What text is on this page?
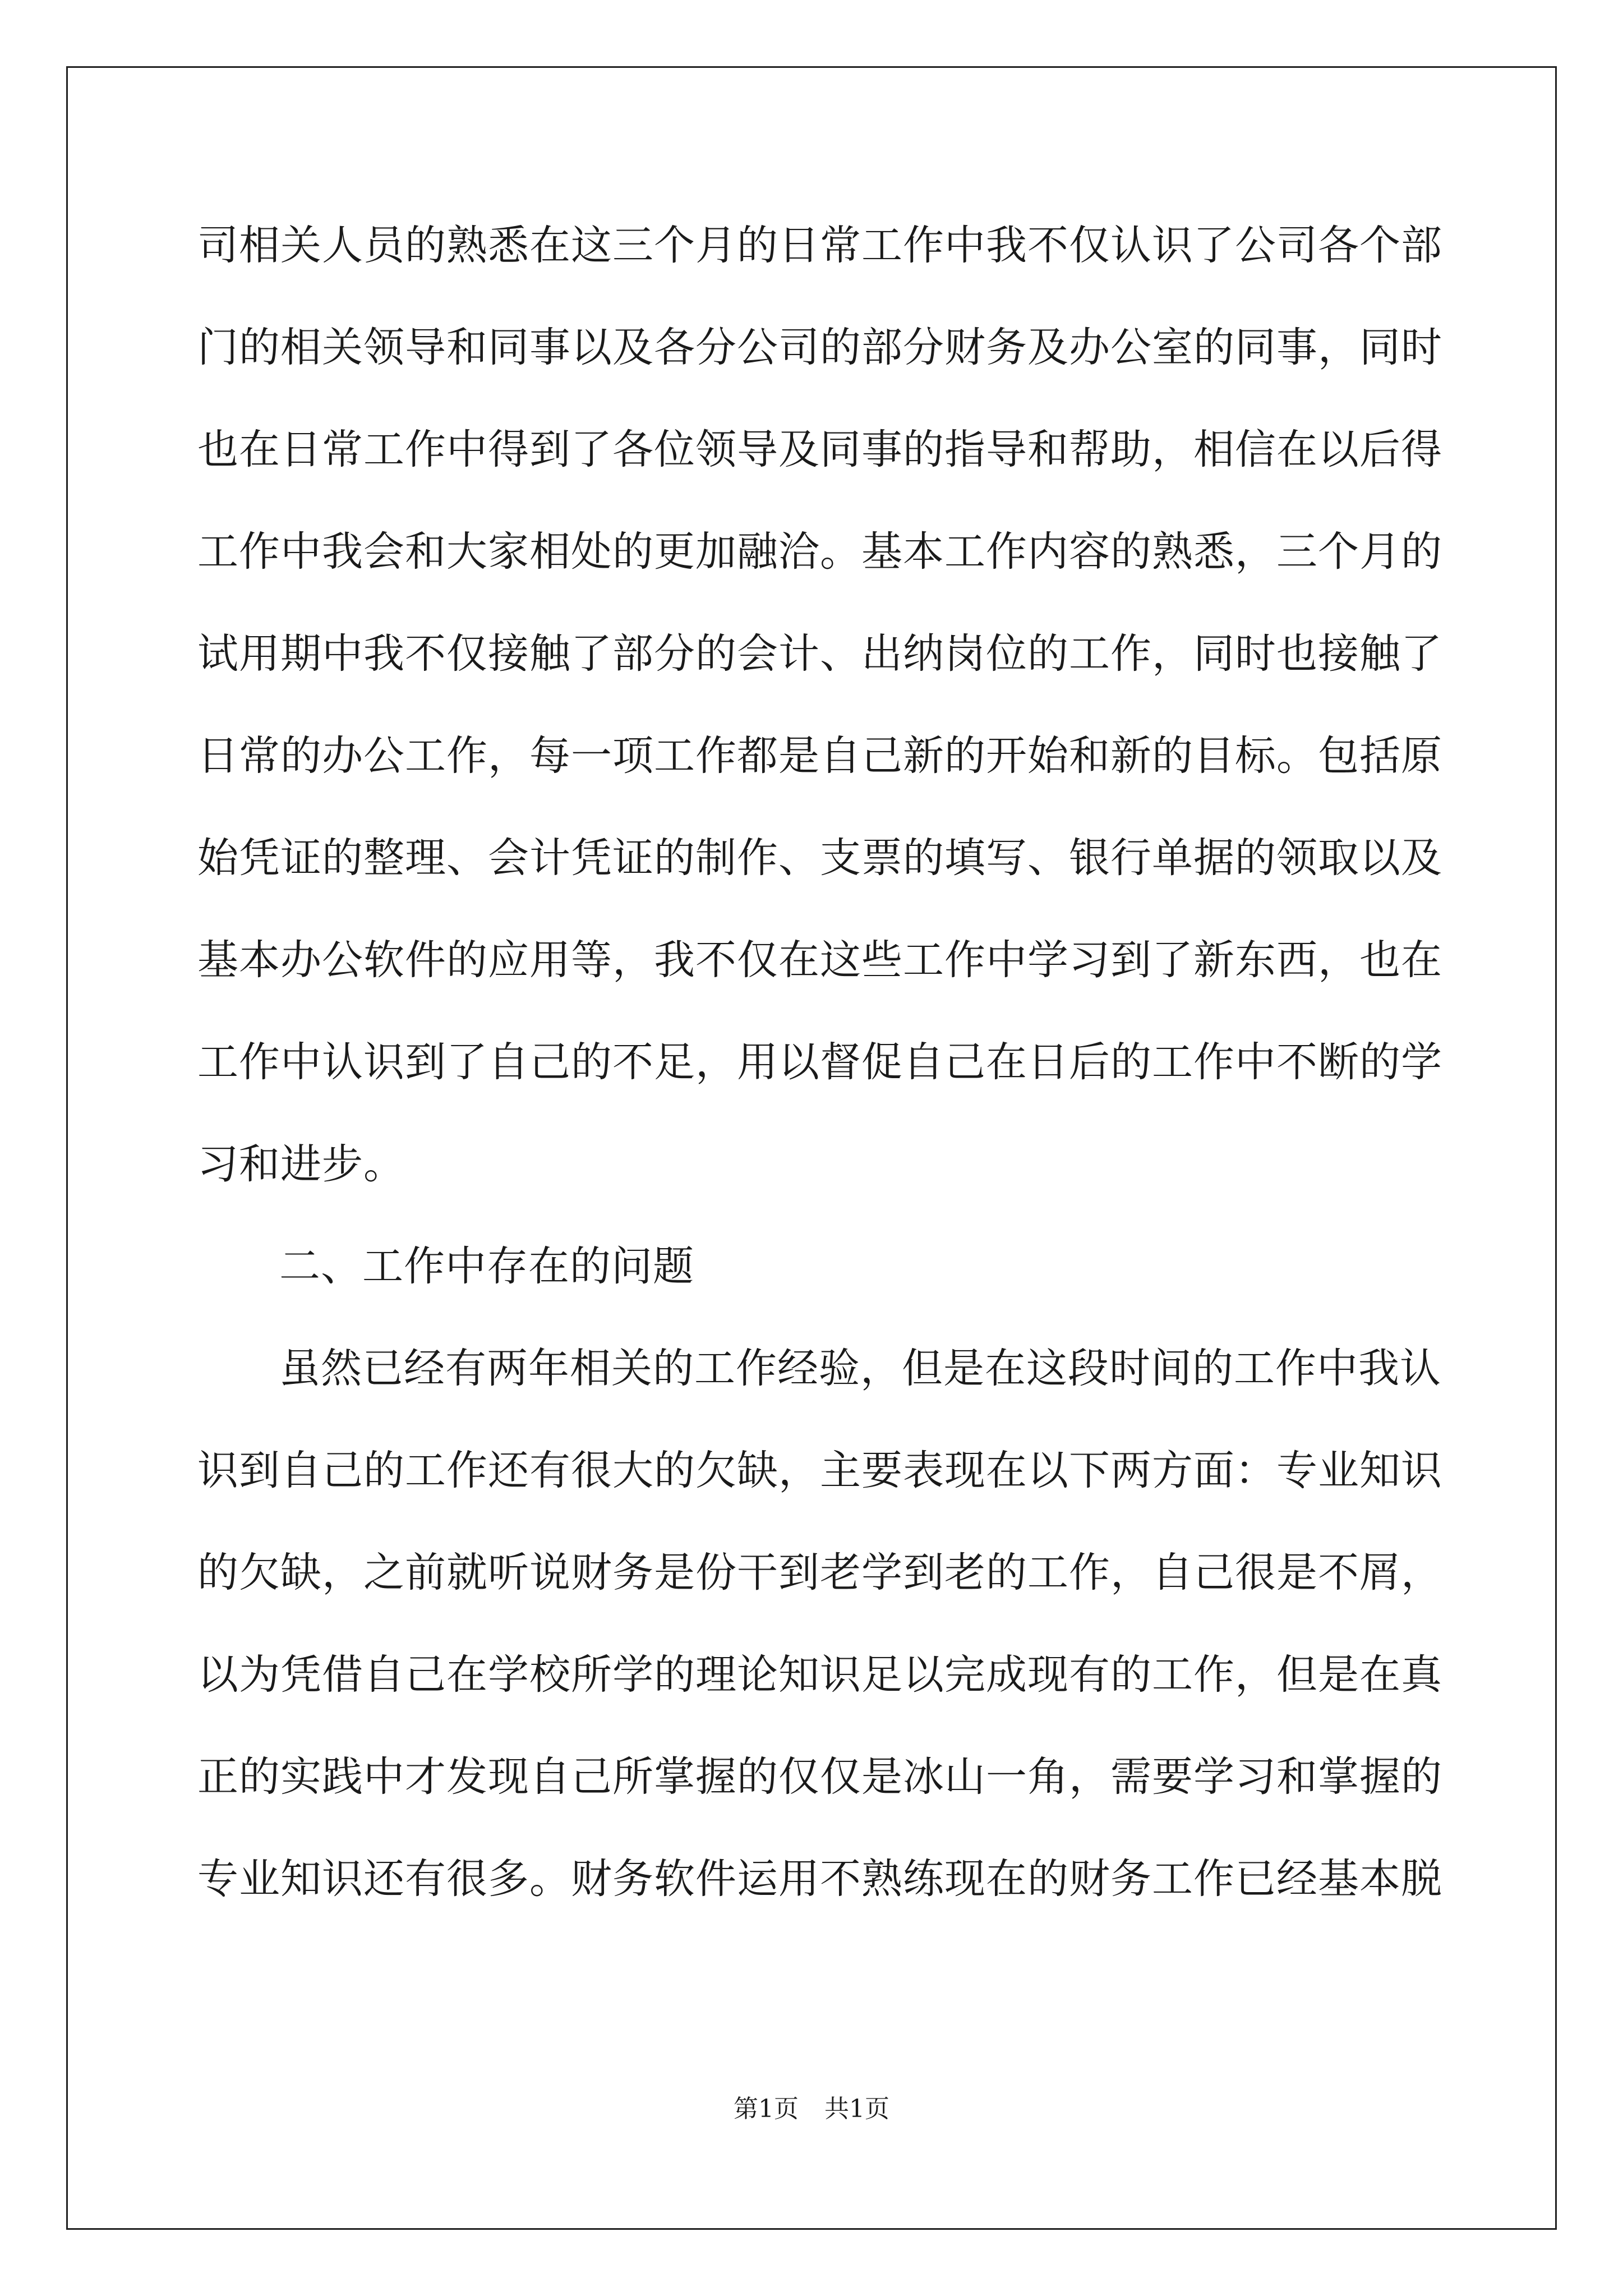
司相关人员的熟悉在这三个月的日常工作中我不仅认识了公司各个部
门的相关领导和同事以及各分公司的部分财务及办公室的同事，同时
也在日常工作中得到了各位领导及同事的指导和帮助，相信在以后得
工作中我会和大家相处的更加融洽。基本工作内容的熟悉，三个月的
试用期中我不仅接触了部分的会计、出纳岗位的工作，同时也接触了
日常的办公工作，每一项工作都是自己新的开始和新的目标。包括原
始凭证的整理、会计凭证的制作、支票的填写、银行单据的领取以及
基本办公软件的应用等，我不仅在这些工作中学习到了新东西，也在
工作中认识到了自己的不足，用以督促自己在日后的工作中不断的学
习和进步。
二、工作中存在的问题
虽然已经有两年相关的工作经验，但是在这段时间的工作中我认
识到自己的工作还有很大的欠缺，主要表现在以下两方面：专业知识
的欠缺，之前就听说财务是份干到老学到老的工作，自己很是不屑，
以为凭借自己在学校所学的理论知识足以完成现有的工作，但是在真
正的实践中才发现自己所掌握的仅仅是冰山一角，需要学习和掌握的
专业知识还有很多。财务软件运用不熟练现在的财务工作已经基本脱
第1页 共1页
